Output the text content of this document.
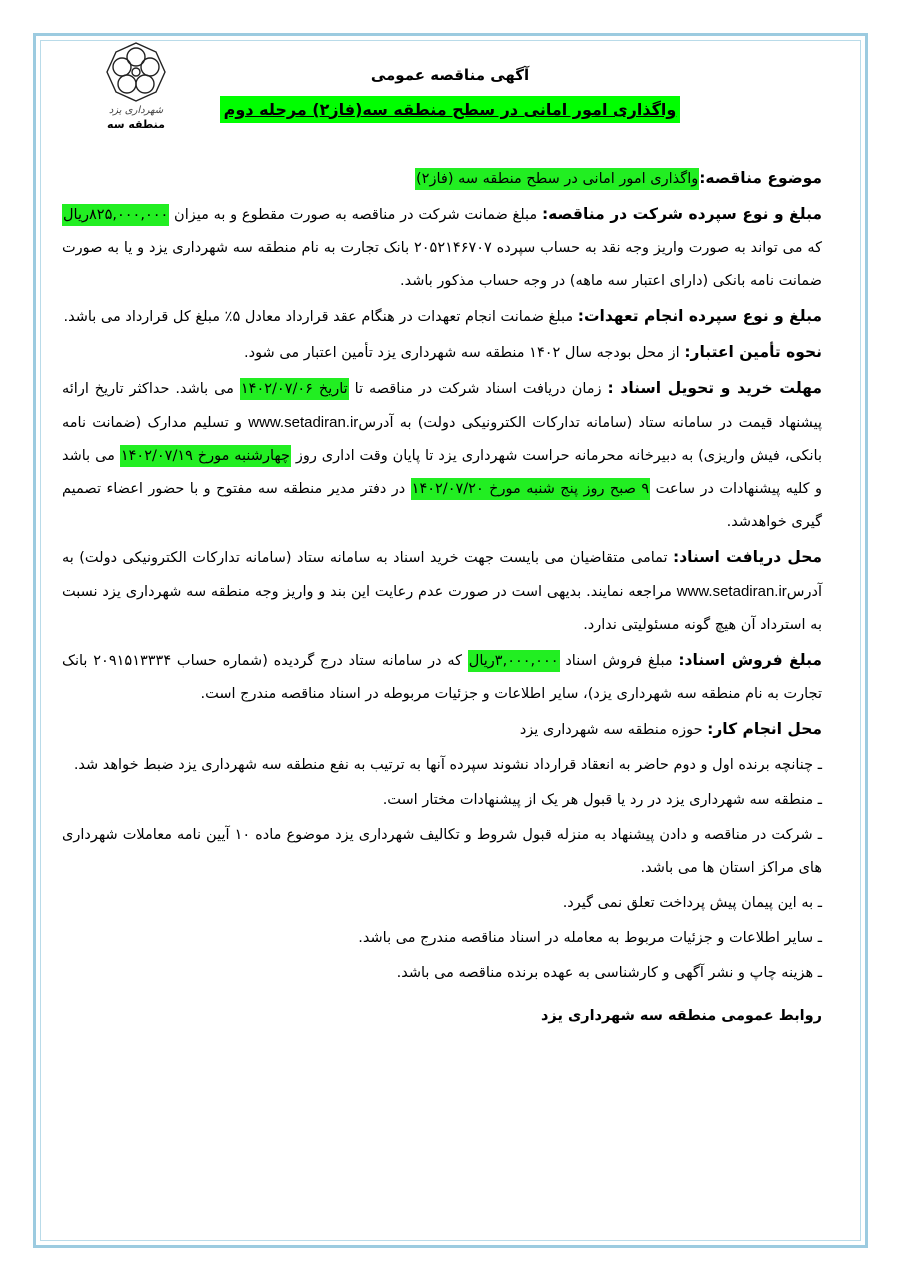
شهرداری یزد
منطقه سه
آگهی مناقصه عمومی
واگذاری امور امانی در سطح منطقه سه(فاز۲) مرحله دوم

موضوع مناقصه:واگذاری امور امانی در سطح منطقه سه (فاز۲)

مبلغ و نوع سپرده شرکت در مناقصه: مبلغ ضمانت شرکت در مناقصه به صورت مقطوع و به میزان ۸۲۵,۰۰۰,۰۰۰ریال که می تواند به صورت واریز وجه نقد به حساب سپرده ۲۰۵۲۱۴۶۷۰۷ بانک تجارت به نام منطقه سه شهرداری یزد و یا به صورت ضمانت نامه بانکی (دارای اعتبار سه ماهه) در وجه حساب مذکور باشد.

مبلغ و نوع سپرده انجام تعهدات: مبلغ ضمانت انجام تعهدات در هنگام عقد قرارداد معادل ۵٪ مبلغ کل قرارداد می باشد.

نحوه تأمین اعتبار: از محل بودجه سال ۱۴۰۲ منطقه سه شهرداری یزد تأمین اعتبار می شود.

مهلت خرید و تحویل اسناد : زمان دریافت اسناد شرکت در مناقصه تا تاریخ ۱۴۰۲/۰۷/۰۶ می باشد. حداکثر تاریخ ارائه پیشنهاد قیمت در سامانه ستاد (سامانه تدارکات الکترونیکی دولت) به آدرسwww.setadiran.ir و تسلیم مدارک (ضمانت نامه بانکی، فیش واریزی) به دبیرخانه محرمانه حراست شهرداری یزد تا پایان وقت اداری روز چهارشنبه مورخ ۱۴۰۲/۰۷/۱۹ می باشد و کلیه پیشنهادات در ساعت ۹ صبح روز پنج شنبه مورخ ۱۴۰۲/۰۷/۲۰ در دفتر مدیر منطقه سه مفتوح و با حضور اعضاء تصمیم گیری خواهدشد.

محل دریافت اسناد: تمامی متقاضیان می بایست جهت خرید اسناد به سامانه ستاد (سامانه تدارکات الکترونیکی دولت) به آدرسwww.setadiran.ir مراجعه نمایند. بدیهی است در صورت عدم رعایت این بند و واریز وجه منطقه سه شهرداری یزد نسبت به استرداد آن هیچ گونه مسئولیتی ندارد.

مبلغ فروش اسناد: مبلغ فروش اسناد ۳,۰۰۰,۰۰۰ریال که در سامانه ستاد درج گردیده (شماره حساب ۲۰۹۱۵۱۳۳۳۴ بانک تجارت به نام منطقه سه شهرداری یزد)، سایر اطلاعات و جزئیات مربوطه در اسناد مناقصه مندرج است.

محل انجام کار: حوزه منطقه سه شهرداری یزد

ـ چنانچه برنده اول و دوم حاضر به انعقاد قرارداد نشوند سپرده آنها به ترتیب به نفع منطقه سه شهرداری یزد ضبط خواهد شد.
ـ منطقه سه شهرداری یزد در رد یا قبول هر یک از پیشنهادات مختار است.
ـ شرکت در مناقصه و دادن پیشنهاد به منزله قبول شروط و تکالیف شهرداری یزد موضوع ماده ۱۰ آیین نامه معاملات شهرداری های مراکز استان ها می باشد.
ـ به این پیمان پیش پرداخت تعلق نمی گیرد.
ـ سایر اطلاعات و جزئیات مربوط به معامله در اسناد مناقصه مندرج می باشد.
ـ هزینه چاپ و نشر آگهی و کارشناسی به عهده برنده مناقصه می باشد.
روابط عمومی منطقه سه شهرداری یزد
